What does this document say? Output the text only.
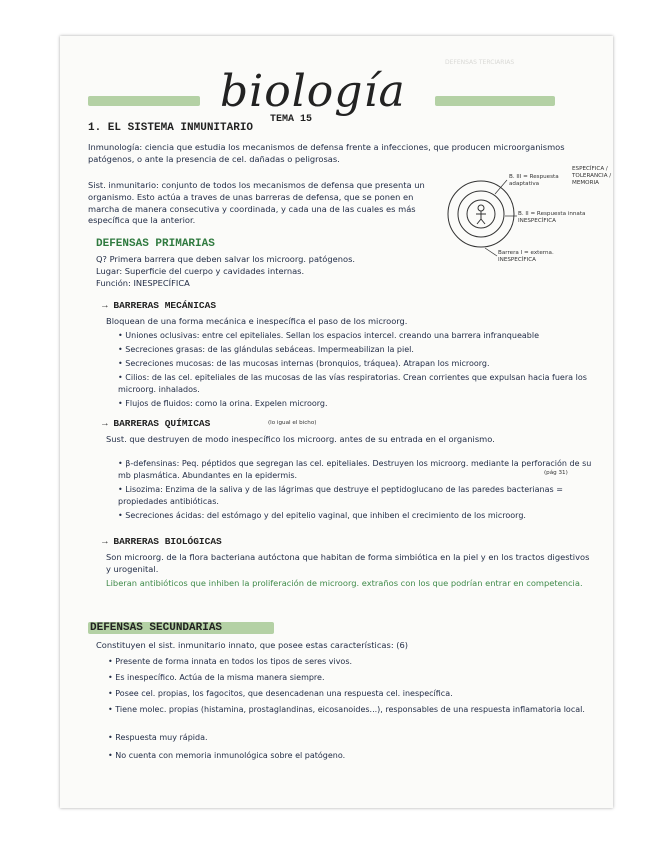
DEFENSAS TERCIARIAS
biología
TEMA 15
1. EL SISTEMA INMUNITARIO
Inmunología: ciencia que estudia los mecanismos de defensa frente a infecciones, que producen microorganismos patógenos, o ante la presencia de cel. dañadas o peligrosas.
Sist. inmunitario: conjunto de todos los mecanismos de defensa que presenta un organismo. Esto actúa a traves de unas barreras de defensa, que se ponen en marcha de manera consecutiva y coordinada, y cada una de las cuales es más específica que la anterior.
B. III = Respuesta adaptativa
ESPECÍFICA / TOLERANCIA / MEMORIA
B. II = Respuesta innata INESPECÍFICA
Barrera I = externa. INESPECÍFICA
DEFENSAS PRIMARIAS
Q? Primera barrera que deben salvar los microorg. patógenos.
Lugar: Superficie del cuerpo y cavidades internas.
Función: INESPECÍFICA
→ BARRERAS MECÁNICAS
Bloquean de una forma mecánica e inespecífica el paso de los microorg.
• Uniones oclusivas: entre cel epiteliales. Sellan los espacios intercel. creando una barrera infranqueable
• Secreciones grasas: de las glándulas sebáceas. Impermeabilizan la piel.
• Secreciones mucosas: de las mucosas internas (bronquios, tráquea). Atrapan los microorg.
• Cilios: de las cel. epiteliales de las mucosas de las vías respiratorias. Crean corrientes que expulsan hacia fuera los microorg. inhalados.
• Flujos de fluidos: como la orina. Expelen microorg.
→ BARRERAS QUÍMICAS	(lo igual el bicho)
Sust. que destruyen de modo inespecífico los microorg. antes de su entrada en el organismo.
(pág 31)
• β-defensinas: Peq. péptidos que segregan las cel. epiteliales. Destruyen los microorg. mediante la perforación de su mb plasmática. Abundantes en la epidermis.
• Lisozima: Enzima de la saliva y de las lágrimas que destruye el peptidoglucano de las paredes bacterianas = propiedades antibióticas.
• Secreciones ácidas: del estómago y del epitelio vaginal, que inhiben el crecimiento de los microorg.
→ BARRERAS BIOLÓGICAS
Son microorg. de la flora bacteriana autóctona que habitan de forma simbiótica en la piel y en los tractos digestivos y urogenital.
Liberan antibióticos que inhiben la proliferación de microorg. extraños con los que podrían entrar en competencia.
DEFENSAS SECUNDARIAS
Constituyen el sist. inmunitario innato, que posee estas características: (6)
• Presente de forma innata en todos los tipos de seres vivos.
• Es inespecífico. Actúa de la misma manera siempre.
• Posee cel. propias, los fagocitos, que desencadenan una respuesta cel. inespecífica.
• Tiene molec. propias (histamina, prostaglandinas, eicosanoides...), responsables de una respuesta inflamatoria local.
• Respuesta muy rápida.
• No cuenta con memoria inmunológica sobre el patógeno.
